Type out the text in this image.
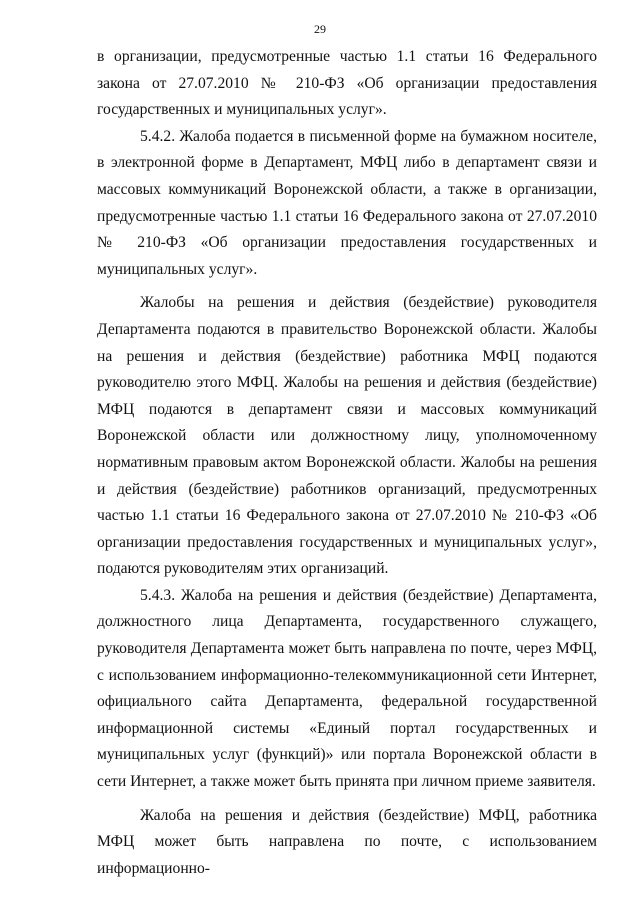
29

в организации, предусмотренные частью 1.1 статьи 16 Федерального закона от 27.07.2010 № 210-ФЗ «Об организации предоставления государственных и муниципальных услуг».

5.4.2. Жалоба подается в письменной форме на бумажном носителе, в электронной форме в Департамент, МФЦ либо в департамент связи и массовых коммуникаций Воронежской области, а также в организации, предусмотренные частью 1.1 статьи 16 Федерального закона от 27.07.2010 № 210-ФЗ «Об организации предоставления государственных и муниципальных услуг».

Жалобы на решения и действия (бездействие) руководителя Департамента подаются в правительство Воронежской области. Жалобы на решения и действия (бездействие) работника МФЦ подаются руководителю этого МФЦ. Жалобы на решения и действия (бездействие) МФЦ подаются в департамент связи и массовых коммуникаций Воронежской области или должностному лицу, уполномоченному нормативным правовым актом Воронежской области. Жалобы на решения и действия (бездействие) работников организаций, предусмотренных частью 1.1 статьи 16 Федерального закона от 27.07.2010 № 210-ФЗ «Об организации предоставления государственных и муниципальных услуг», подаются руководителям этих организаций.

5.4.3. Жалоба на решения и действия (бездействие) Департамента, должностного лица Департамента, государственного служащего, руководителя Департамента может быть направлена по почте, через МФЦ, с использованием информационно-телекоммуникационной сети Интернет, официального сайта Департамента, федеральной государственной информационной системы «Единый портал государственных и муниципальных услуг (функций)» или портала Воронежской области в сети Интернет, а также может быть принята при личном приеме заявителя.

Жалоба на решения и действия (бездействие) МФЦ, работника МФЦ может быть направлена по почте, с использованием информационно-
